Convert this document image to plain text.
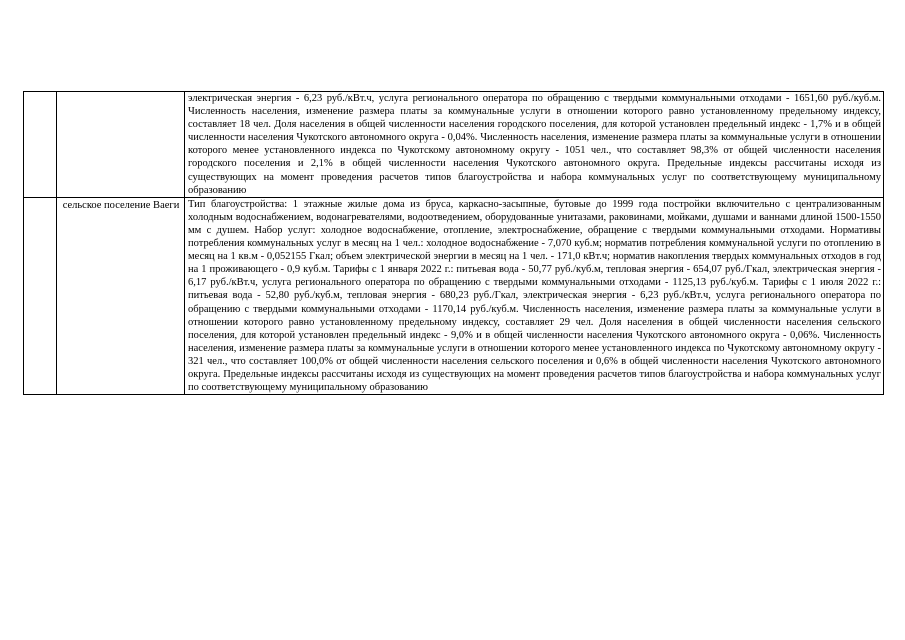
		электрическая энергия - 6,23 руб./кВт.ч, услуга регионального оператора по обращению с твердыми коммунальными отходами - 1651,60 руб./куб.м. Численность населения, изменение размера платы за коммунальные услуги в отношении которого равно установленному предельному индексу, составляет 18 чел. Доля населения в общей численности населения городского поселения, для которой установлен предельный индекс - 1,7% и в общей численности населения Чукотского автономного округа - 0,04%. Численность населения, изменение размера платы за коммунальные услуги в отношении которого менее установленного индекса по Чукотскому автономному округу - 1051 чел., что составляет 98,3% от общей численности населения городского поселения и 2,1% в общей численности населения Чукотского автономного округа. Предельные индексы рассчитаны исходя из существующих на момент проведения расчетов типов благоустройства и набора коммунальных услуг по соответствующему муниципальному образованию

	сельское поселение Ваеги	Тип благоустройства: 1 этажные жилые дома из бруса, каркасно-засыпные, бутовые до 1999 года постройки включительно с централизованным холодным водоснабжением, водонагревателями, водоотведением, оборудованные унитазами, раковинами, мойками, душами и ваннами длиной 1500-1550 мм с душем. Набор услуг: холодное водоснабжение, отопление, электроснабжение, обращение с твердыми коммунальными отходами. Нормативы потребления коммунальных услуг в месяц на 1 чел.: холодное водоснабжение - 7,070 куб.м; норматив потребления коммунальной услуги по отоплению в месяц на 1 кв.м - 0,052155 Гкал; объем электрической энергии в месяц на 1 чел. - 171,0 кВт.ч; норматив накопления твердых коммунальных отходов в год на 1 проживающего - 0,9 куб.м. Тарифы с 1 января 2022 г.: питьевая вода - 50,77 руб./куб.м, тепловая энергия - 654,07 руб./Гкал, электрическая энергия - 6,17 руб./кВт.ч, услуга регионального оператора по обращению с твердыми коммунальными отходами - 1125,13 руб./куб.м. Тарифы с 1 июля 2022 г.: питьевая вода - 52,80 руб./куб.м, тепловая энергия - 680,23 руб./Гкал, электрическая энергия - 6,23 руб./кВт.ч, услуга регионального оператора по обращению с твердыми коммунальными отходами - 1170,14 руб./куб.м. Численность населения, изменение размера платы за коммунальные услуги в отношении которого равно установленному предельному индексу, составляет 29 чел. Доля населения в общей численности населения сельского поселения, для которой установлен предельный индекс - 9,0% и в общей численности населения Чукотского автономного округа - 0,06%. Численность населения, изменение размера платы за коммунальные услуги в отношении которого менее установленного индекса по Чукотскому автономному округу - 321 чел., что составляет 100,0% от общей численности населения сельского поселения и 0,6% в общей численности населения Чукотского автономного округа. Предельные индексы рассчитаны исходя из существующих на момент проведения расчетов типов благоустройства и набора коммунальных услуг по соответствующему муниципальному образованию
